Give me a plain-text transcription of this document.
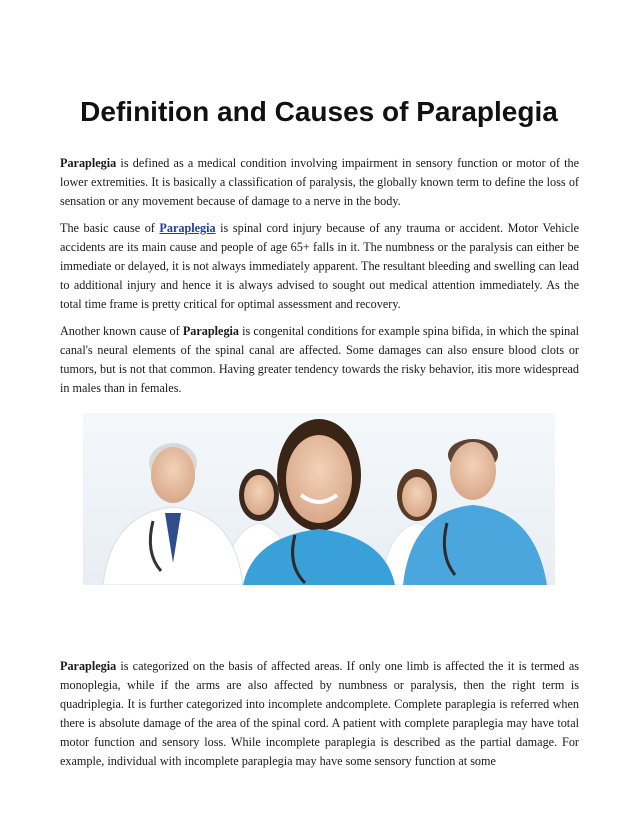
Definition and Causes of Paraplegia

Paraplegia is defined as a medical condition involving impairment in sensory function or motor of the lower extremities. It is basically a classification of paralysis, the globally known term to define the loss of sensation or any movement because of damage to a nerve in the body.

The basic cause of Paraplegia is spinal cord injury because of any trauma or accident. Motor Vehicle accidents are its main cause and people of age 65+ falls in it. The numbness or the paralysis can either be immediate or delayed, it is not always immediately apparent. The resultant bleeding and swelling can lead to additional injury and hence it is always advised to sought out medical attention immediately. As the total time frame is pretty critical for optimal assessment and recovery.

Another known cause of Paraplegia is congenital conditions for example spina bifida, in which the spinal canal's neural elements of the spinal canal are affected. Some damages can also ensure blood clots or tumors, but is not that common. Having greater tendency towards the risky behavior, itis more widespread in males than in females.

Paraplegia is categorized on the basis of affected areas. If only one limb is affected the it is termed as monoplegia, while if the arms are also affected by numbness or paralysis, then the right term is quadriplegia. It is further categorized into incomplete andcomplete. Complete paraplegia is referred when there is absolute damage of the area of the spinal cord. A patient with complete paraplegia may have total motor function and sensory loss. While incomplete paraplegia is described as the partial damage. For example, individual with incomplete paraplegia may have some sensory function at some
